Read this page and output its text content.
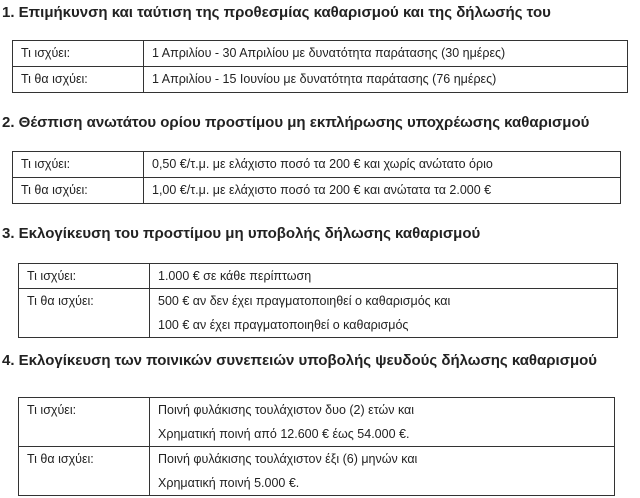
1. Επιμήκυνση και ταύτιση της προθεσμίας καθαρισμού και της δήλωσής του
Τι ισχύει:	1 Απριλίου - 30 Απριλίου με δυνατότητα παράτασης (30 ημέρες)

Τι θα ισχύει:	1 Απριλίου - 15 Ιουνίου με δυνατότητα παράτασης (76 ημέρες)
2. Θέσπιση ανωτάτου ορίου προστίμου μη εκπλήρωσης υποχρέωσης καθαρισμού
Τι ισχύει:	0,50 €/τ.μ. με ελάχιστο ποσό τα 200 € και χωρίς ανώτατο όριο

Τι θα ισχύει:	1,00 €/τ.μ. με ελάχιστο ποσό τα 200 € και ανώτατα τα 2.000 €
3. Εκλογίκευση του προστίμου μη υποβολής δήλωσης καθαρισμού
Τι ισχύει:	1.000 € σε κάθε περίπτωση

Τι θα ισχύει:	500 € αν δεν έχει πραγματοποιηθεί ο καθαρισμός και
100 € αν έχει πραγματοποιηθεί ο καθαρισμός
4. Εκλογίκευση των ποινικών συνεπειών υποβολής ψευδούς δήλωσης καθαρισμού
Τι ισχύει:	Ποινή φυλάκισης τουλάχιστον δυο (2) ετών και
Χρηματική ποινή από 12.600 € έως 54.000 €.

Τι θα ισχύει:	Ποινή φυλάκισης τουλάχιστον έξι (6) μηνών και
Χρηματική ποινή 5.000 €.
